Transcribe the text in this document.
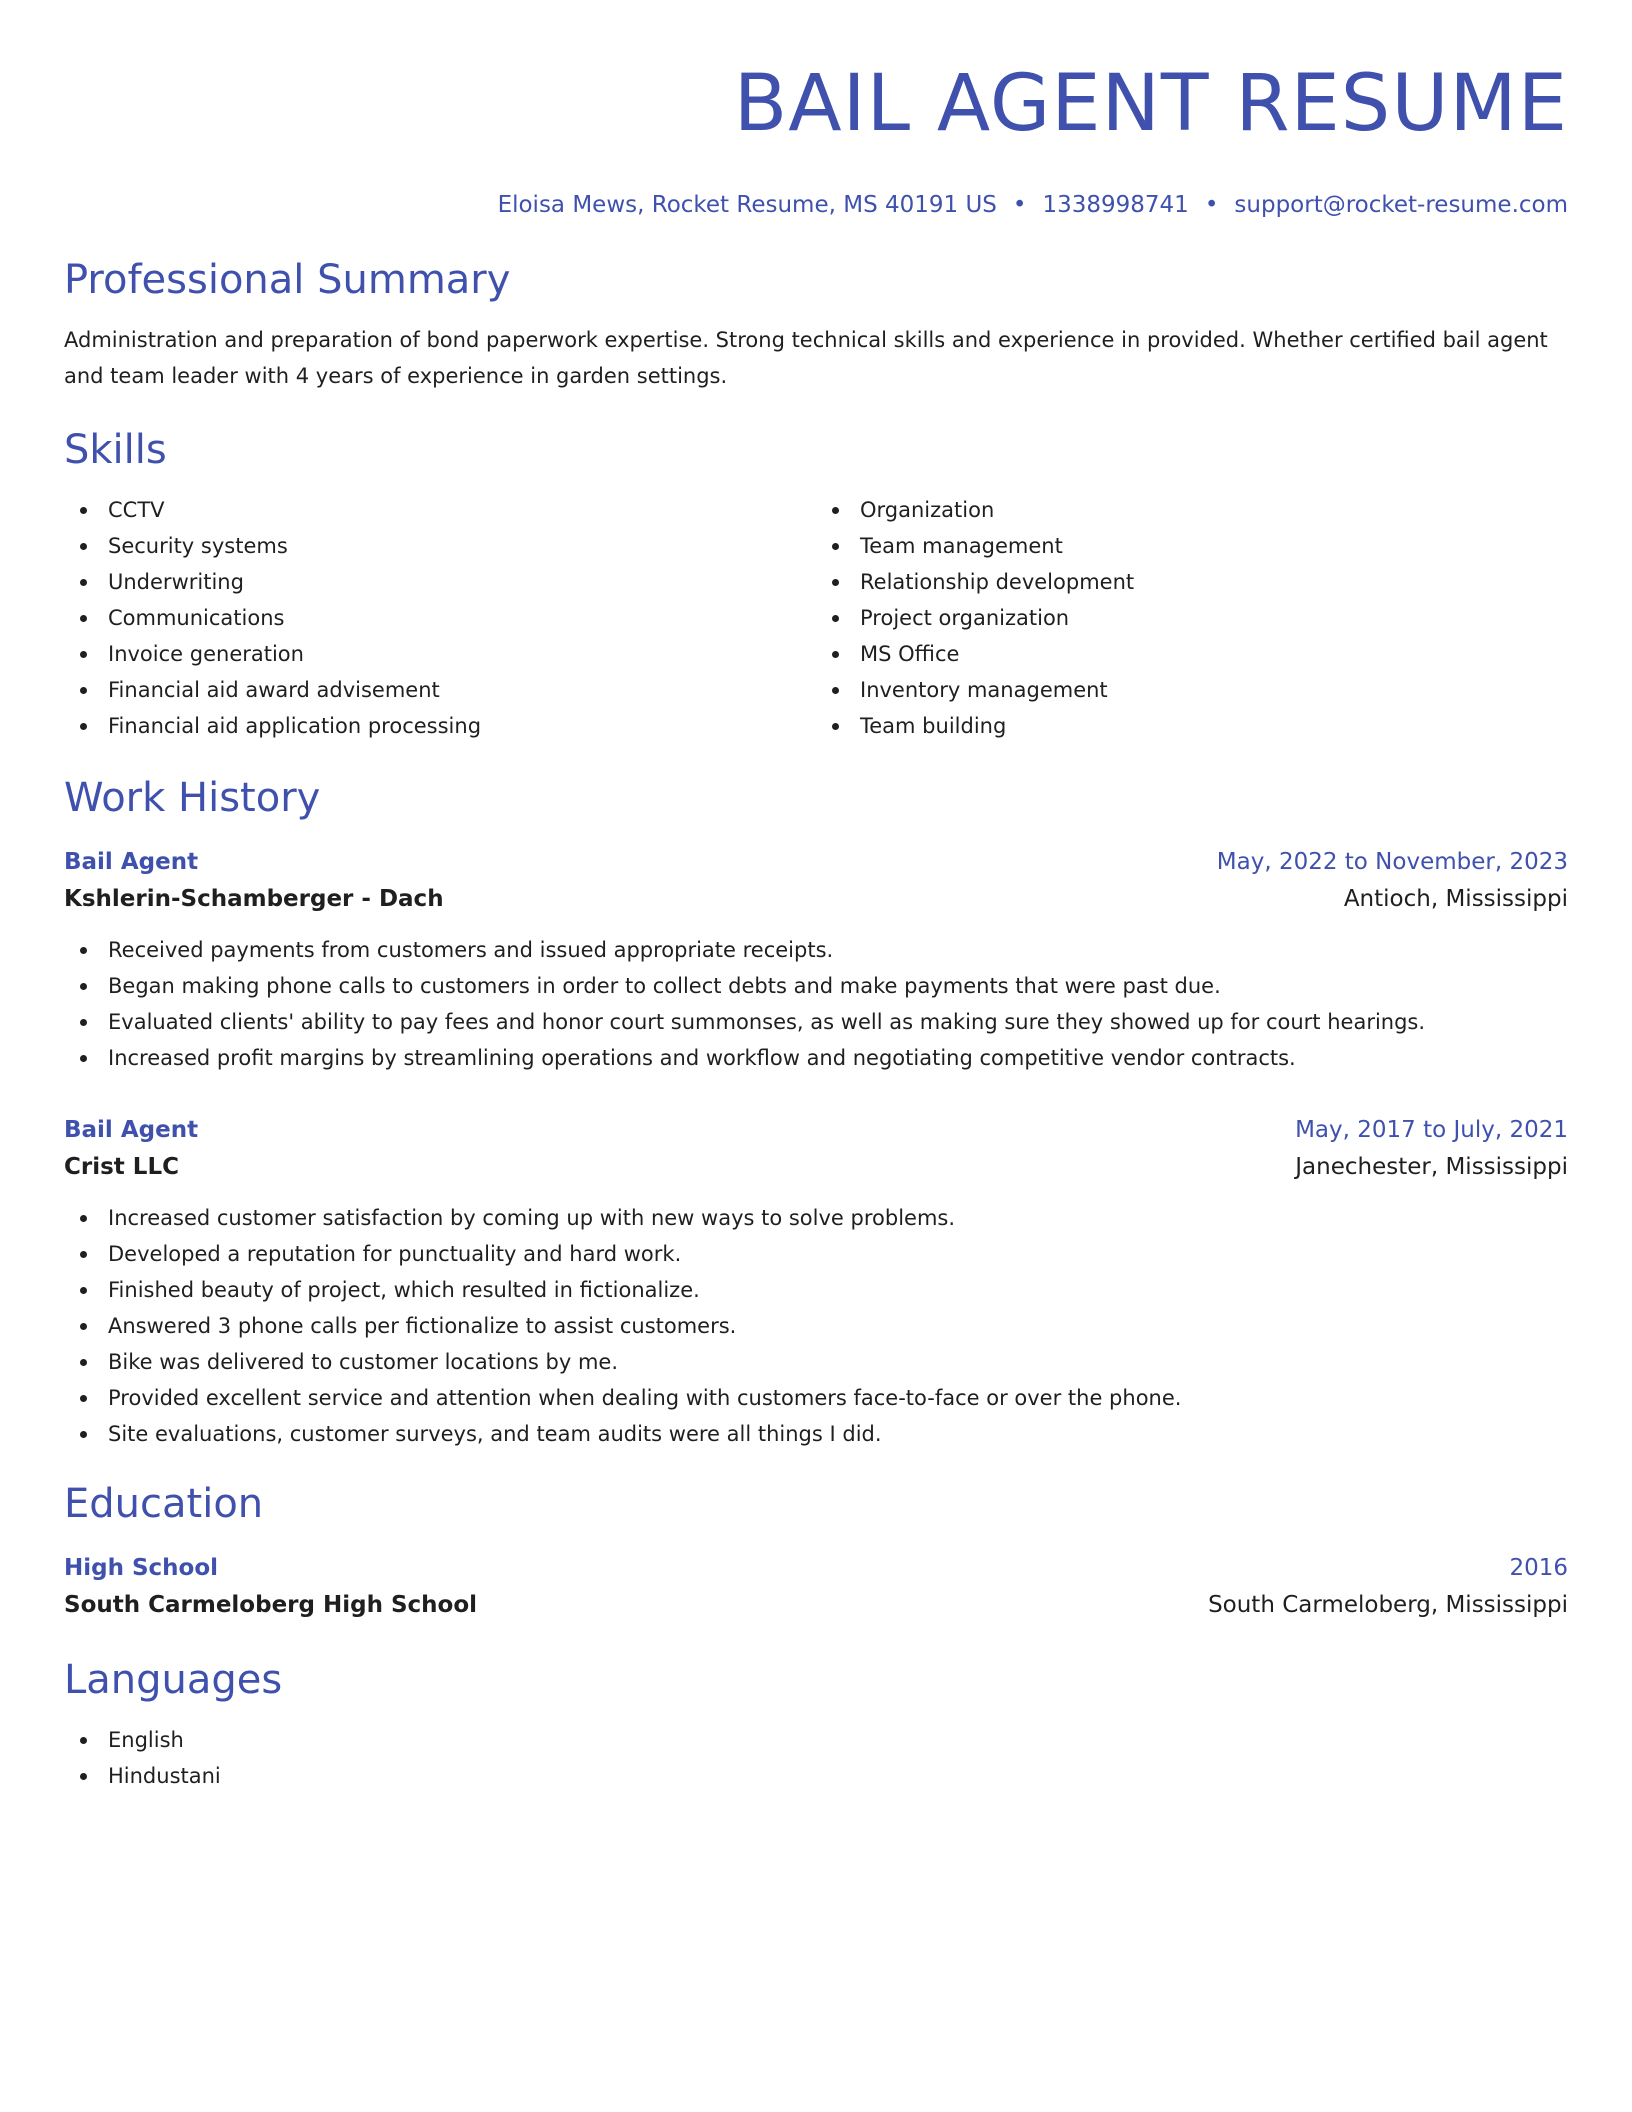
BAIL AGENT RESUME
Eloisa Mews, Rocket Resume, MS 40191 US • 1338998741 • support@rocket-resume.com
Professional Summary

Administration and preparation of bond paperwork expertise. Strong technical skills and experience in provided. Whether certified bail agent and team leader with 4 years of experience in garden settings.

Skills
CCTV
Security systems
Underwriting
Communications
Invoice generation
Financial aid award advisement
Financial aid application processing
Organization
Team management
Relationship development
Project organization
MS Office
Inventory management
Team building
Work History
Bail Agent	May, 2022 to November, 2023
Kshlerin-Schamberger - Dach	Antioch, Mississippi
Received payments from customers and issued appropriate receipts.
Began making phone calls to customers in order to collect debts and make payments that were past due.
Evaluated clients' ability to pay fees and honor court summonses, as well as making sure they showed up for court hearings.
Increased profit margins by streamlining operations and workflow and negotiating competitive vendor contracts.
Bail Agent	May, 2017 to July, 2021
Crist LLC	Janechester, Mississippi
Increased customer satisfaction by coming up with new ways to solve problems.
Developed a reputation for punctuality and hard work.
Finished beauty of project, which resulted in fictionalize.
Answered 3 phone calls per fictionalize to assist customers.
Bike was delivered to customer locations by me.
Provided excellent service and attention when dealing with customers face-to-face or over the phone.
Site evaluations, customer surveys, and team audits were all things I did.
Education
High School	2016
South Carmeloberg High School	South Carmeloberg, Mississippi
Languages
English
Hindustani
